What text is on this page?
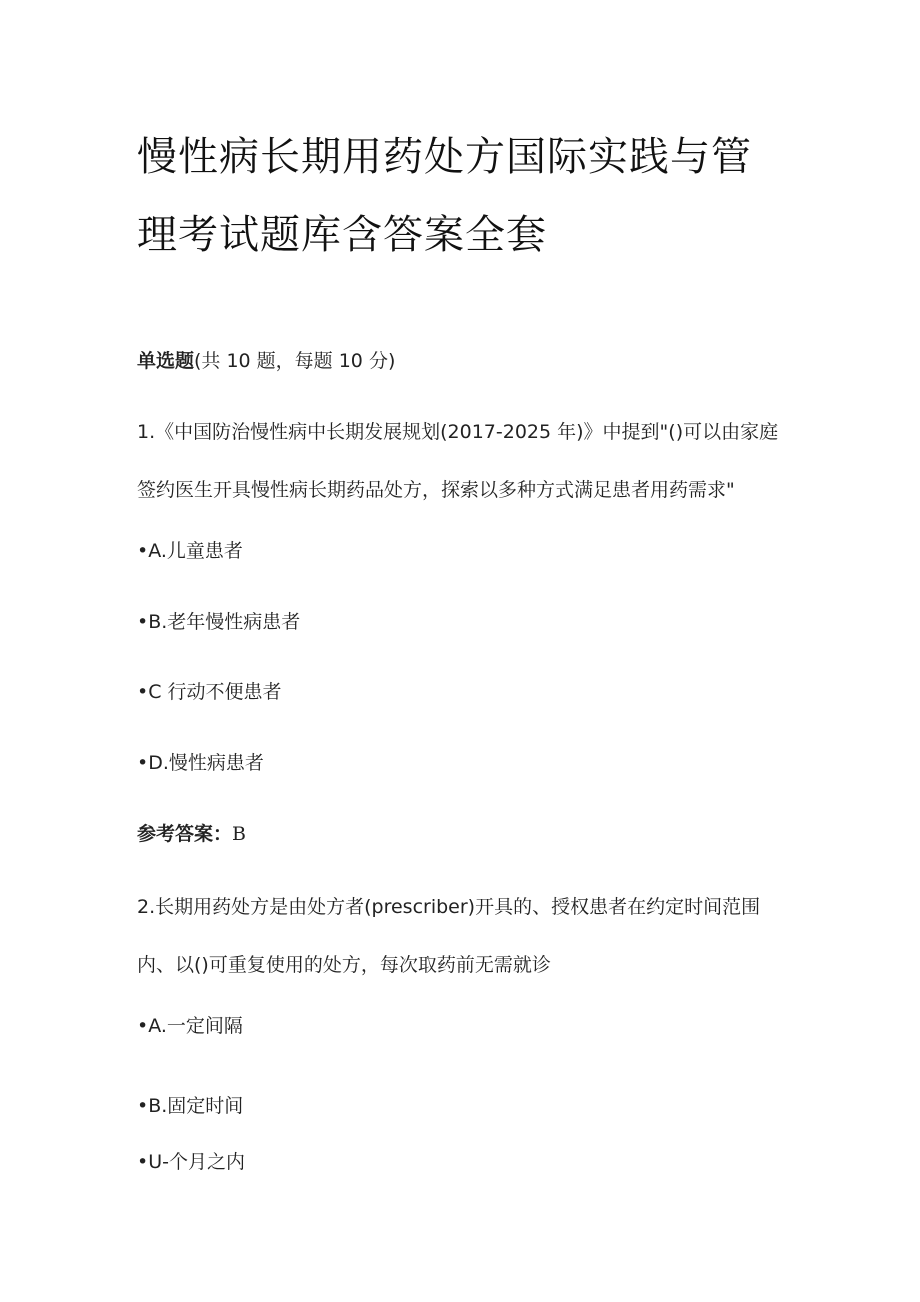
慢性病长期用药处方国际实践与管理考试题库含答案全套
单选题(共 10 题，每题 10 分)
1.《中国防治慢性病中长期发展规划(2017-2025 年)》中提到"()可以由家庭签约医生开具慢性病长期药品处方，探索以多种方式满足患者用药需求"
•A.儿童患者
•B.老年慢性病患者
•C 行动不便患者
•D.慢性病患者
参考答案：B
2.长期用药处方是由处方者(prescriber)开具的、授权患者在约定时间范围内、以()可重复使用的处方，每次取药前无需就诊
•A.一定间隔
•B.固定时间
•U-个月之内
